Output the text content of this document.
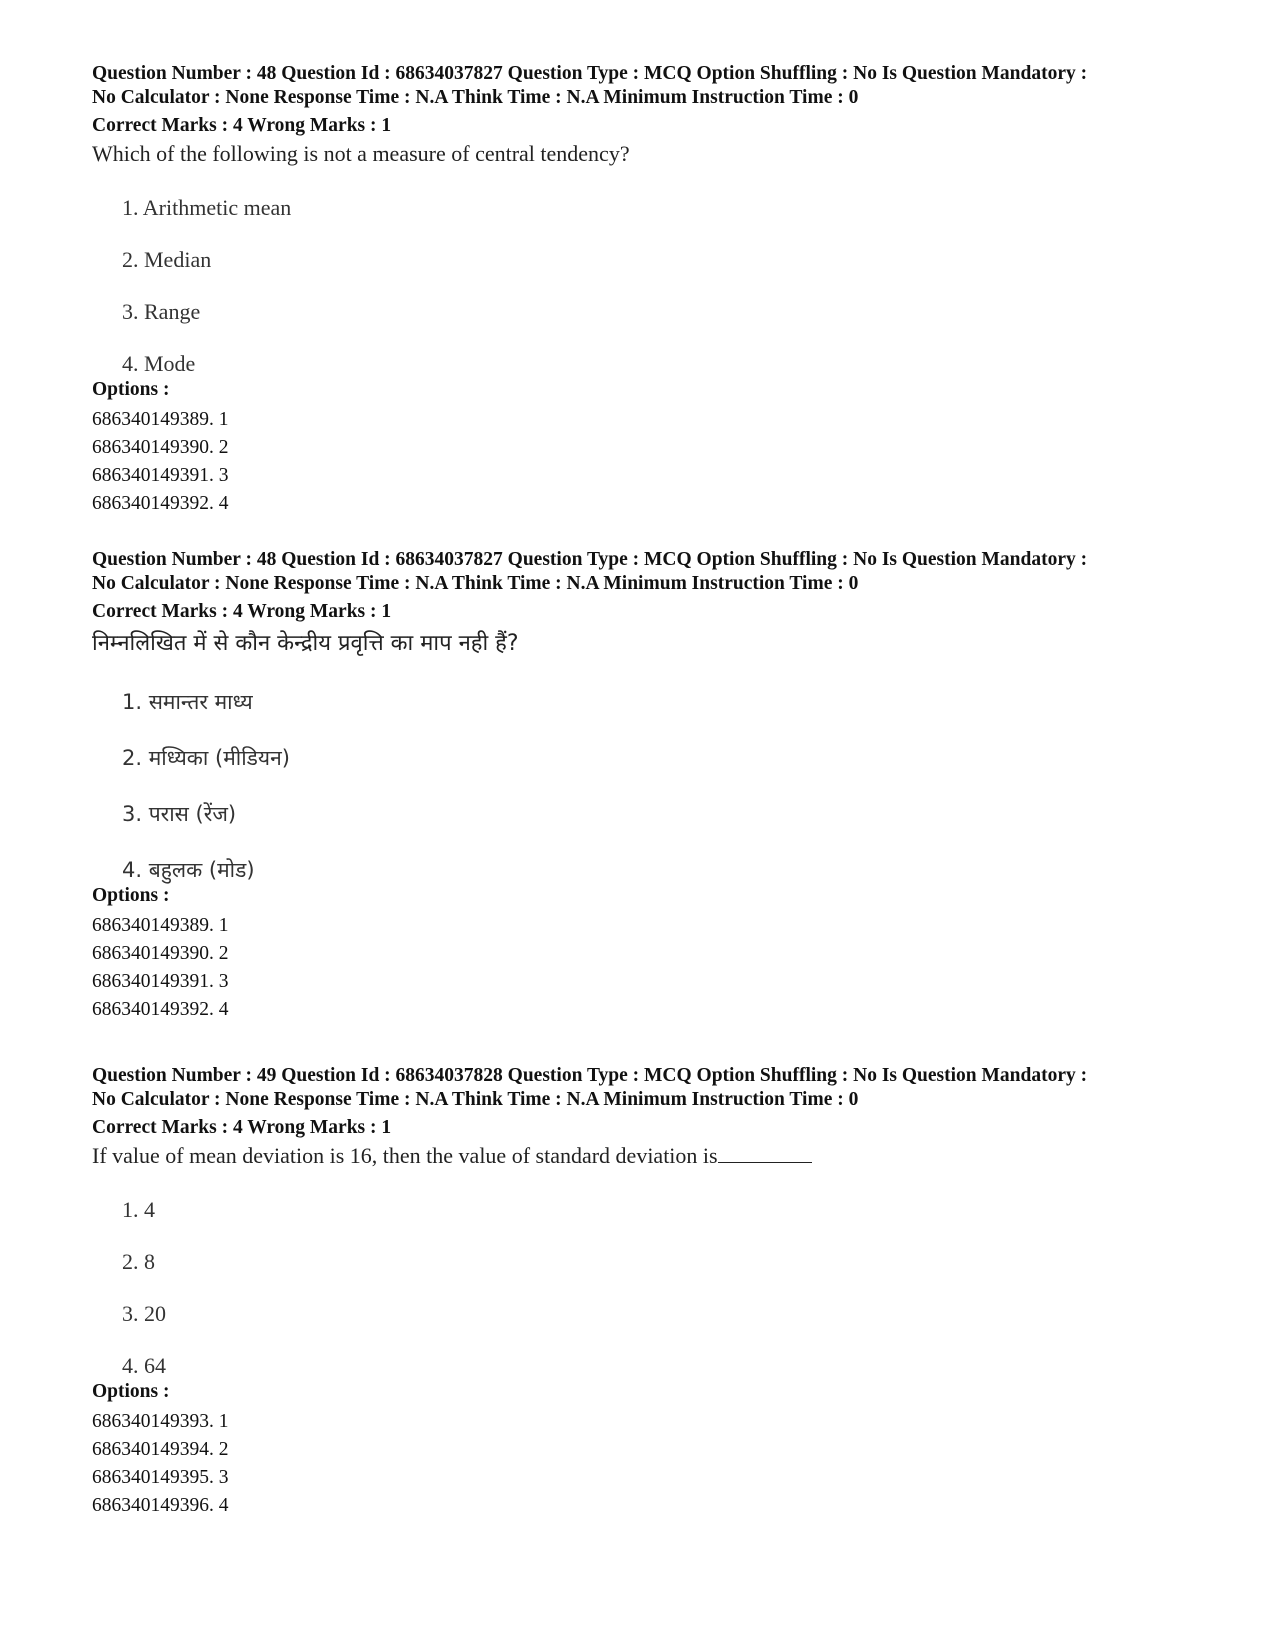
Question Number : 48 Question Id : 68634037827 Question Type : MCQ Option Shuffling : No Is Question Mandatory :

No Calculator : None Response Time : N.A Think Time : N.A Minimum Instruction Time : 0

Correct Marks : 4 Wrong Marks : 1

Which of the following is not a measure of central tendency?

1. Arithmetic mean
2. Median
3. Range
4. Mode

Options :

686340149389. 1
686340149390. 2
686340149391. 3
686340149392. 4

Question Number : 48 Question Id : 68634037827 Question Type : MCQ Option Shuffling : No Is Question Mandatory :

No Calculator : None Response Time : N.A Think Time : N.A Minimum Instruction Time : 0

Correct Marks : 4 Wrong Marks : 1

निम्नलिखित में से कौन केन्द्रीय प्रवृत्ति का माप नही हैं?

1. समान्तर माध्य
2. मध्यिका (मीडियन)
3. परास (रेंज)
4. बहुलक (मोड)

Options :

686340149389. 1
686340149390. 2
686340149391. 3
686340149392. 4

Question Number : 49 Question Id : 68634037828 Question Type : MCQ Option Shuffling : No Is Question Mandatory :

No Calculator : None Response Time : N.A Think Time : N.A Minimum Instruction Time : 0

Correct Marks : 4 Wrong Marks : 1

If value of mean deviation is 16, then the value of standard deviation is

1. 4
2. 8
3. 20
4. 64

Options :

686340149393. 1
686340149394. 2
686340149395. 3
686340149396. 4
